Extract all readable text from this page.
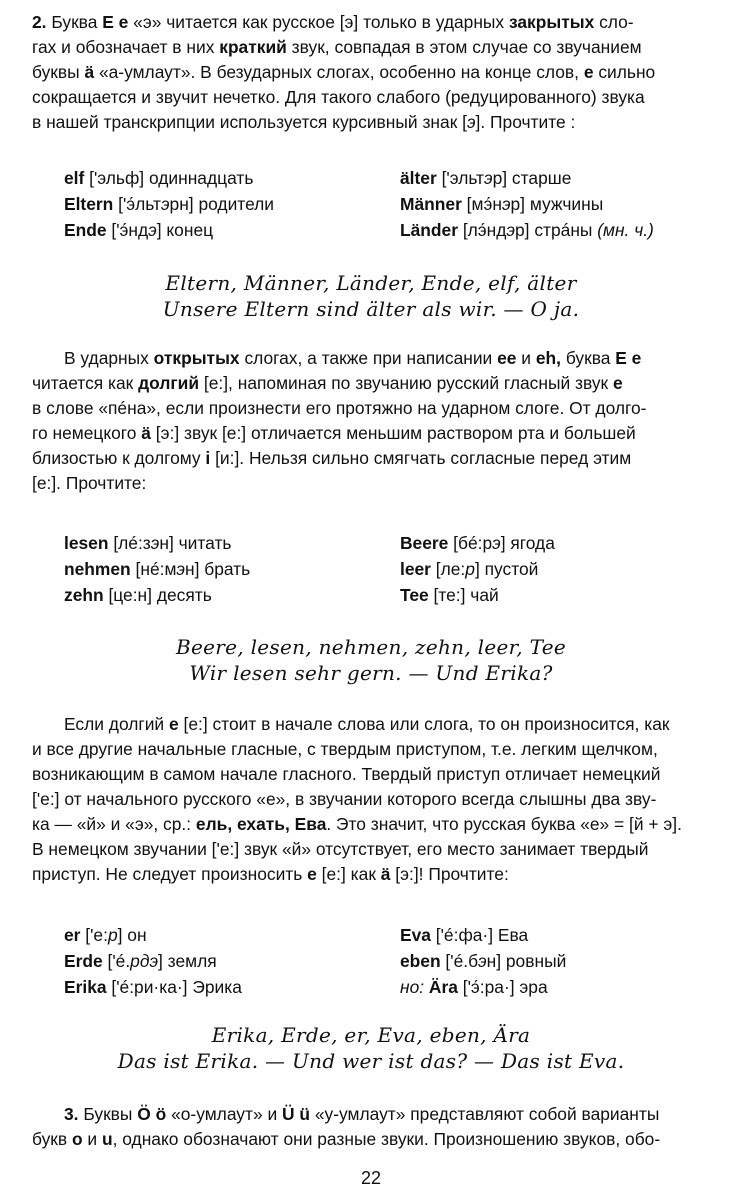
2. Буква E e «э» читается как русское [э] только в ударных закрытых сло-
гах и обозначает в них краткий звук, совпадая в этом случае со звучанием
буквы ä «а-умлаут». В безударных слогах, особенно на конце слов, e сильно
сокращается и звучит нечетко. Для такого слабого (редуцированного) звука
в нашей транскрипции используется курсивный знак [э]. Прочтите :
elf ['эльф] одиннадцать	älter ['эльтэр] старше
Eltern ['э́льтэрн] родители	Männer [мэ́нэр] мужчины
Ende ['э́ндэ] конец	Länder [лэ́ндэр] стрáны (мн. ч.)
Eltern, Männer, Länder, Ende, elf, älter
Unsere Eltern sind älter als wir. — O ja.
В ударных открытых слогах, а также при написании ee и eh, буква E e
читается как долгий [е:], напоминая по звучанию русский гласный звук e
в слове «пéна», если произнести его протяжно на ударном слоге. От долго-
го немецкого ä [э:] звук [е:] отличается меньшим раствором рта и большей
близостью к долгому i [и:]. Нельзя сильно смягчать согласные перед этим
[е:]. Прочтите:
lesen [лé:зэн] читать	Beere [бé:рэ] ягода
nehmen [нé:мэн] брать	leer [ле:р] пустой
zehn [це:н] десять	Tee [те:] чай
Beere, lesen, nehmen, zehn, leer, Tee
Wir lesen sehr gern. — Und Erika?
Если долгий e [е:] стоит в начале слова или слога, то он произносится, как
и все другие начальные гласные, с твердым приступом, т.е. легким щелчком,
возникающим в самом начале гласного. Твердый приступ отличает немецкий
['е:] от начального русского «е», в звучании которого всегда слышны два зву-
ка — «й» и «э», ср.: ель, ехать, Ева. Это значит, что русская буква «е» = [й + э].
В немецком звучании ['е:] звук «й» отсутствует, его место занимает твердый
приступ. Не следует произносить e [е:] как ä [э:]! Прочтите:
er ['е:р] он	Eva ['é:фа·] Ева
Erde ['é.рдэ] земля	eben ['é.бэн] ровный
Erika ['é:ри·ка·] Эрика	но: Ära ['э́:ра·] эра
Erika, Erde, er, Eva, eben, Ära
Das ist Erika. — Und wer ist das? — Das ist Eva.
3. Буквы Ö ö «о-умлаут» и Ü ü «у-умлаут» представляют собой варианты
букв o и u, однако обозначают они разные звуки. Произношению звуков, обо-
22
